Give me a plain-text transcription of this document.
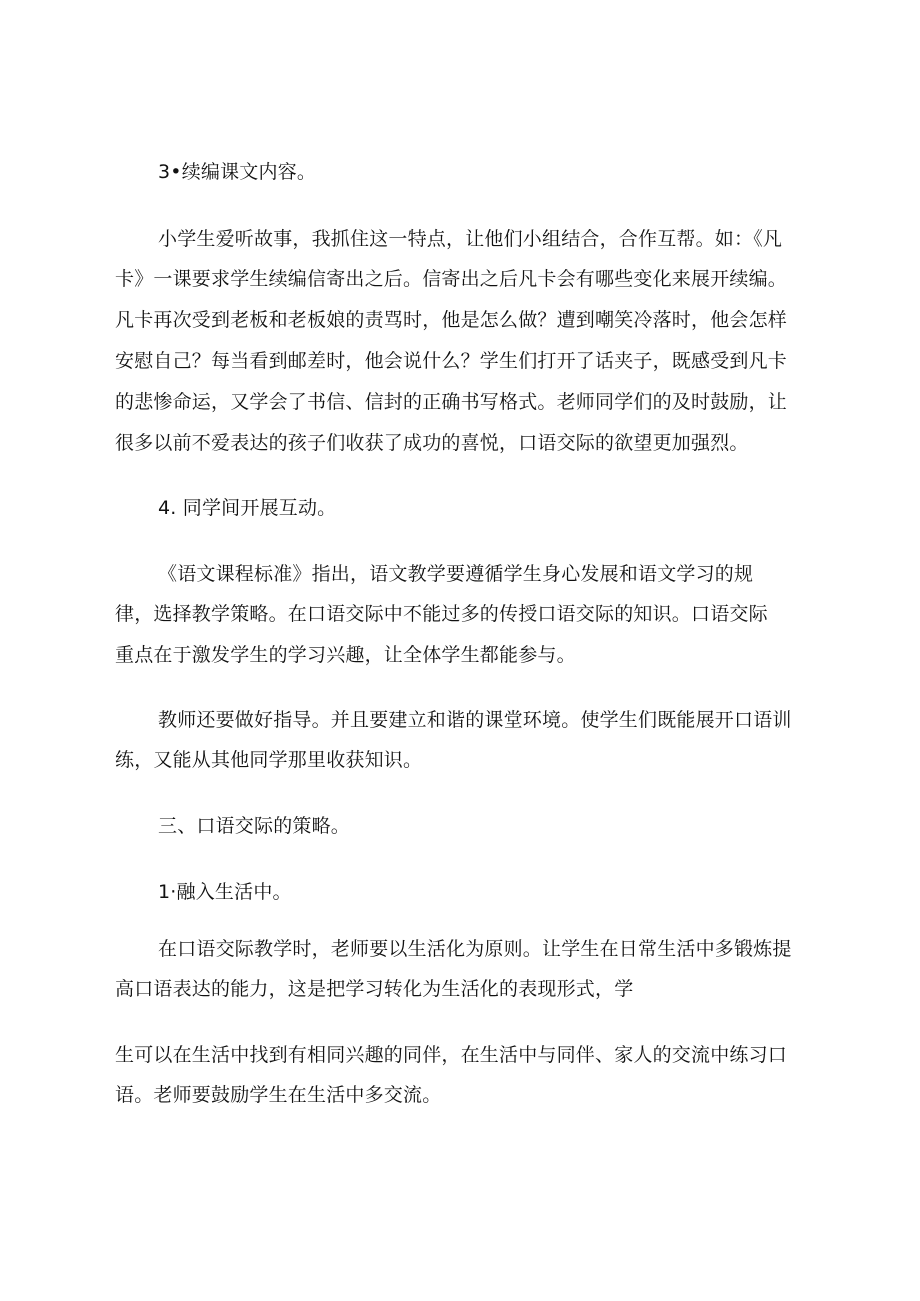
3•续编课文内容。
小学生爱听故事，我抓住这一特点，让他们小组结合，合作互帮。如：《凡
卡》一课要求学生续编信寄出之后。信寄出之后凡卡会有哪些变化来展开续编。
凡卡再次受到老板和老板娘的责骂时，他是怎么做？遭到嘲笑冷落时，他会怎样
安慰自己？每当看到邮差时，他会说什么？学生们打开了话夹子，既感受到凡卡
的悲惨命运，又学会了书信、信封的正确书写格式。老师同学们的及时鼓励，让
很多以前不爱表达的孩子们收获了成功的喜悦，口语交际的欲望更加强烈。
4. 同学间开展互动。
《语文课程标准》指出，语文教学要遵循学生身心发展和语文学习的规
律，选择教学策略。在口语交际中不能过多的传授口语交际的知识。口语交际
重点在于激发学生的学习兴趣，让全体学生都能参与。
教师还要做好指导。并且要建立和谐的课堂环境。使学生们既能展开口语训
练，又能从其他同学那里收获知识。
三、口语交际的策略。
1·融入生活中。
在口语交际教学时，老师要以生活化为原则。让学生在日常生活中多锻炼提
高口语表达的能力，这是把学习转化为生活化的表现形式，学
生可以在生活中找到有相同兴趣的同伴，在生活中与同伴、家人的交流中练习口
语。老师要鼓励学生在生活中多交流。
